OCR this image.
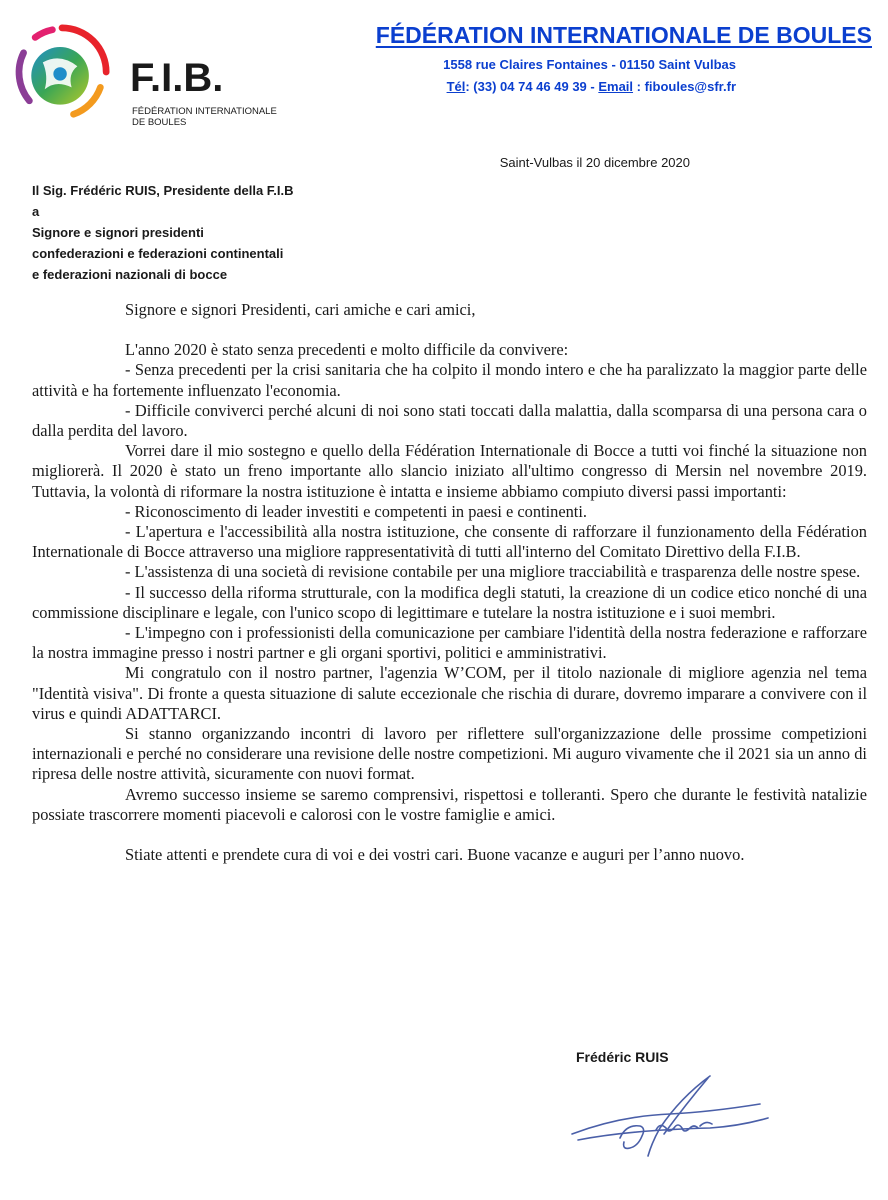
F.I.B.
FÉDÉRATION INTERNATIONALE
DE BOULES
FÉDÉRATION INTERNATIONALE DE BOULES
1558 rue Claires Fontaines - 01150 Saint Vulbas
Tél: (33) 04 74 46 49 39 - Email : fiboules@sfr.fr
Saint-Vulbas il 20 dicembre 2020
Il Sig. Frédéric RUIS, Presidente della F.I.B
a
Signore e signori presidenti
confederazioni e federazioni continentali
e federazioni nazionali di bocce

Signore e signori Presidenti, cari amiche e cari amici,

L'anno 2020 è stato senza precedenti e molto difficile da convivere:

- Senza precedenti per la crisi sanitaria che ha colpito il mondo intero e che ha paralizzato la maggior parte delle attività e ha fortemente influenzato l'economia.

- Difficile conviverci perché alcuni di noi sono stati toccati dalla malattia, dalla scomparsa di una persona cara o dalla perdita del lavoro.

Vorrei dare il mio sostegno e quello della Fédération Internationale di Bocce a tutti voi finché la situazione non migliorerà. Il 2020 è stato un freno importante allo slancio iniziato all'ultimo congresso di Mersin nel novembre 2019. Tuttavia, la volontà di riformare la nostra istituzione è intatta e insieme abbiamo compiuto diversi passi importanti:

- Riconoscimento di leader investiti e competenti in paesi e continenti.

- L'apertura e l'accessibilità alla nostra istituzione, che consente di rafforzare il funzionamento della Fédération Internationale di Bocce attraverso una migliore rappresentatività di tutti all'interno del Comitato Direttivo della F.I.B.

- L'assistenza di una società di revisione contabile per una migliore tracciabilità e trasparenza delle nostre spese.

- Il successo della riforma strutturale, con la modifica degli statuti, la creazione di un codice etico nonché di una commissione disciplinare e legale, con l'unico scopo di legittimare e tutelare la nostra istituzione e i suoi membri.

- L'impegno con i professionisti della comunicazione per cambiare l'identità della nostra federazione e rafforzare la nostra immagine presso i nostri partner e gli organi sportivi, politici e amministrativi.

Mi congratulo con il nostro partner, l'agenzia W’COM, per il titolo nazionale di migliore agenzia nel tema "Identità visiva". Di fronte a questa situazione di salute eccezionale che rischia di durare, dovremo imparare a convivere con il virus e quindi ADATTARCI.

Si stanno organizzando incontri di lavoro per riflettere sull'organizzazione delle prossime competizioni internazionali e perché no considerare una revisione delle nostre competizioni. Mi auguro vivamente che il 2021 sia un anno di ripresa delle nostre attività, sicuramente con nuovi format.

Avremo successo insieme se saremo comprensivi, rispettosi e tolleranti. Spero che durante le festività natalizie possiate trascorrere momenti piacevoli e calorosi con le vostre famiglie e amici.

Stiate attenti e prendete cura di voi e dei vostri cari. Buone vacanze e auguri per l’anno nuovo.

Frédéric RUIS
